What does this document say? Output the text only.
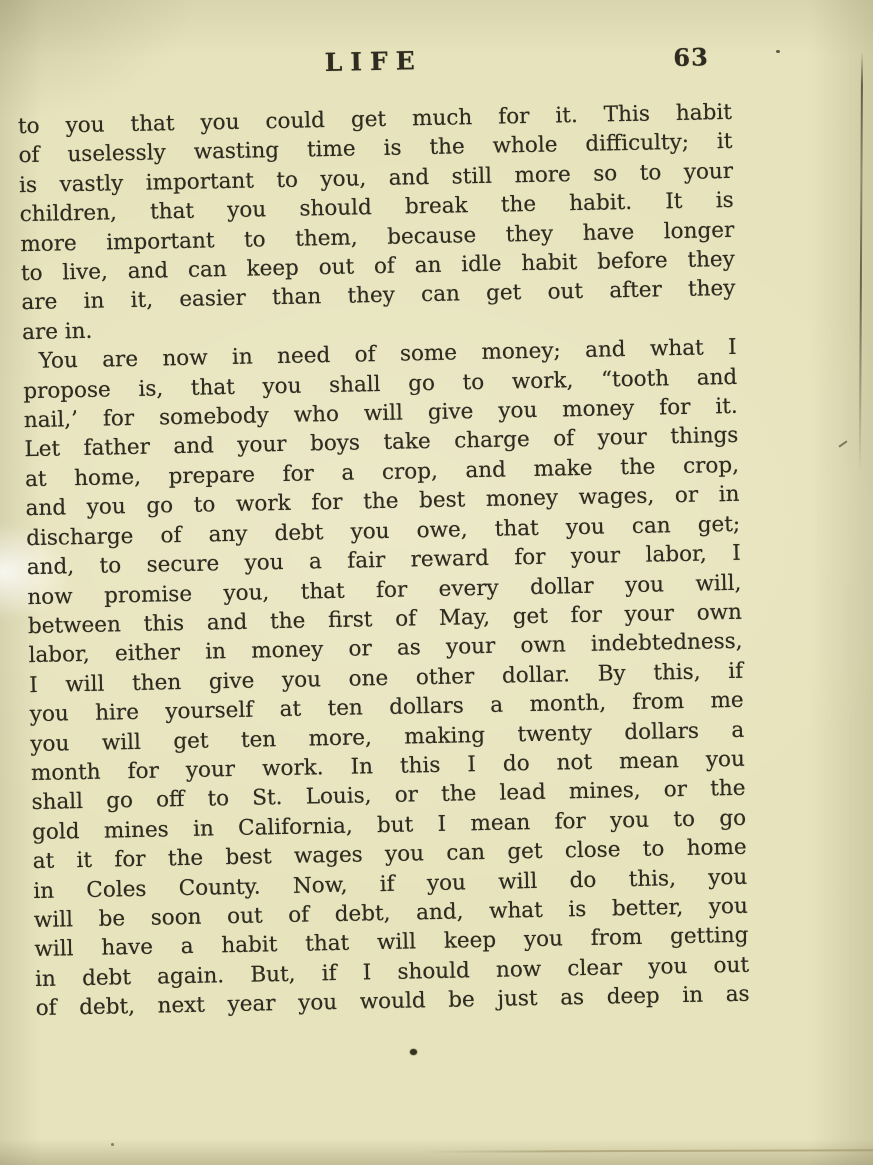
LIFE	63
to you that you could get much for it. This habit
of uselessly wasting time is the whole difficulty; it
is vastly important to you, and still more so to your
children, that you should break the habit. It is
more important to them, because they have longer
to live, and can keep out of an idle habit before they
are in it, easier than they can get out after they
are in.
You are now in need of some money; and what I
propose is, that you shall go to work, “tooth and
nail,’ for somebody who will give you money for it.
Let father and your boys take charge of your things
at home, prepare for a crop, and make the crop,
and you go to work for the best money wages, or in
discharge of any debt you owe, that you can get;
and, to secure you a fair reward for your labor, I
now promise you, that for every dollar you will,
between this and the first of May, get for your own
labor, either in money or as your own indebtedness,
I will then give you one other dollar. By this, if
you hire yourself at ten dollars a month, from me
you will get ten more, making twenty dollars a
month for your work. In this I do not mean you
shall go off to St. Louis, or the lead mines, or the
gold mines in California, but I mean for you to go
at it for the best wages you can get close to home
in Coles County. Now, if you will do this, you
will be soon out of debt, and, what is better, you
will have a habit that will keep you from getting
in debt again. But, if I should now clear you out
of debt, next year you would be just as deep in as
